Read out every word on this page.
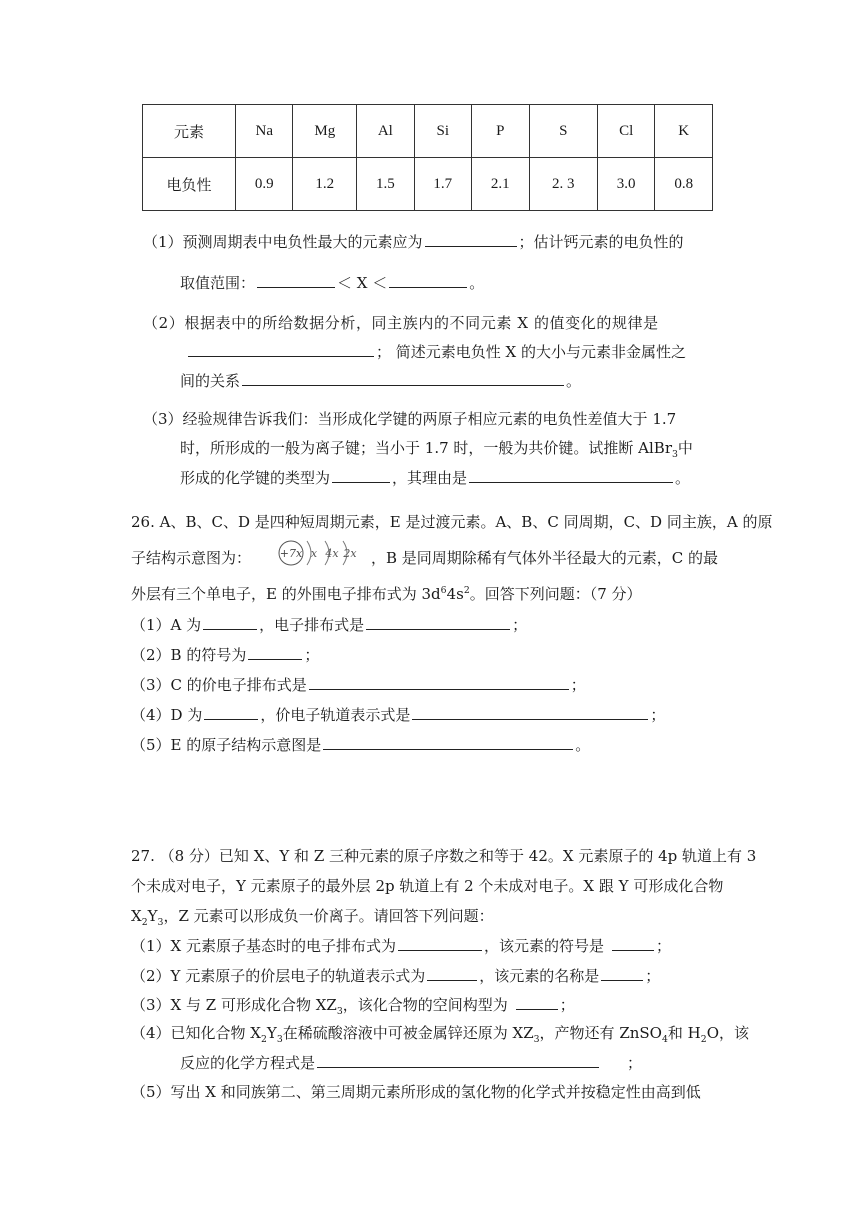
元素	Na	Mg	Al	Si	P	S	Cl	K
电负性	0.9	1.2	1.5	1.7	2.1	2. 3	3.0	0.8
（1）预测周期表中电负性最大的元素应为	；估计钙元素的电负性的
取值范围：	＜ X ＜	。
（2）根据表中的所给数据分析，同主族内的不同元素 X 的值变化的规律是
； 简述元素电负性 X 的大小与元素非金属性之
间的关系	。
（3）经验规律告诉我们：当形成化学键的两原子相应元素的电负性差值大于 1.7
时，所形成的一般为离子键；当小于 1.7 时，一般为共价键。试推断 AlBr$_3$中
形成的化学键的类型为	，其理由是	。
26. A、B、C、D 是四种短周期元素，E 是过渡元素。A、B、C 同周期，C、D 同主族，A 的原
子结构示意图为：	+7x x 4x 2x ，B 是同周期除稀有气体外半径最大的元素，C 的最
外层有三个单电子，E 的外围电子排布式为 $3d^64s^2$。回答下列问题：（7 分）
（1）A 为	，电子排布式是	；
（2）B 的符号为	；
（3）C 的价电子排布式是	；
（4）D 为	，价电子轨道表示式是	；
（5）E 的原子结构示意图是	。
27. （8 分）已知 X、Y 和 Z 三种元素的原子序数之和等于 42。X 元素原子的 4p 轨道上有 3
个未成对电子，Y 元素原子的最外层 2p 轨道上有 2 个未成对电子。X 跟 Y 可形成化合物
$X_2Y_3$，Z 元素可以形成负一价离子。请回答下列问题：
（1）X 元素原子基态时的电子排布式为	，该元素的符号是	；
（2）Y 元素原子的价层电子的轨道表示式为	，该元素的名称是	；
（3）X 与 Z 可形成化合物 $XZ_3$，该化合物的空间构型为	；
（4）已知化合物 $X_2Y_3$在稀硫酸溶液中可被金属锌还原为 $XZ_3$，产物还有 ZnSO$_4$和 $H_2O$，该
反应的化学方程式是	；
（5）写出 X 和同族第二、第三周期元素所形成的氢化物的化学式并按稳定性由高到低
